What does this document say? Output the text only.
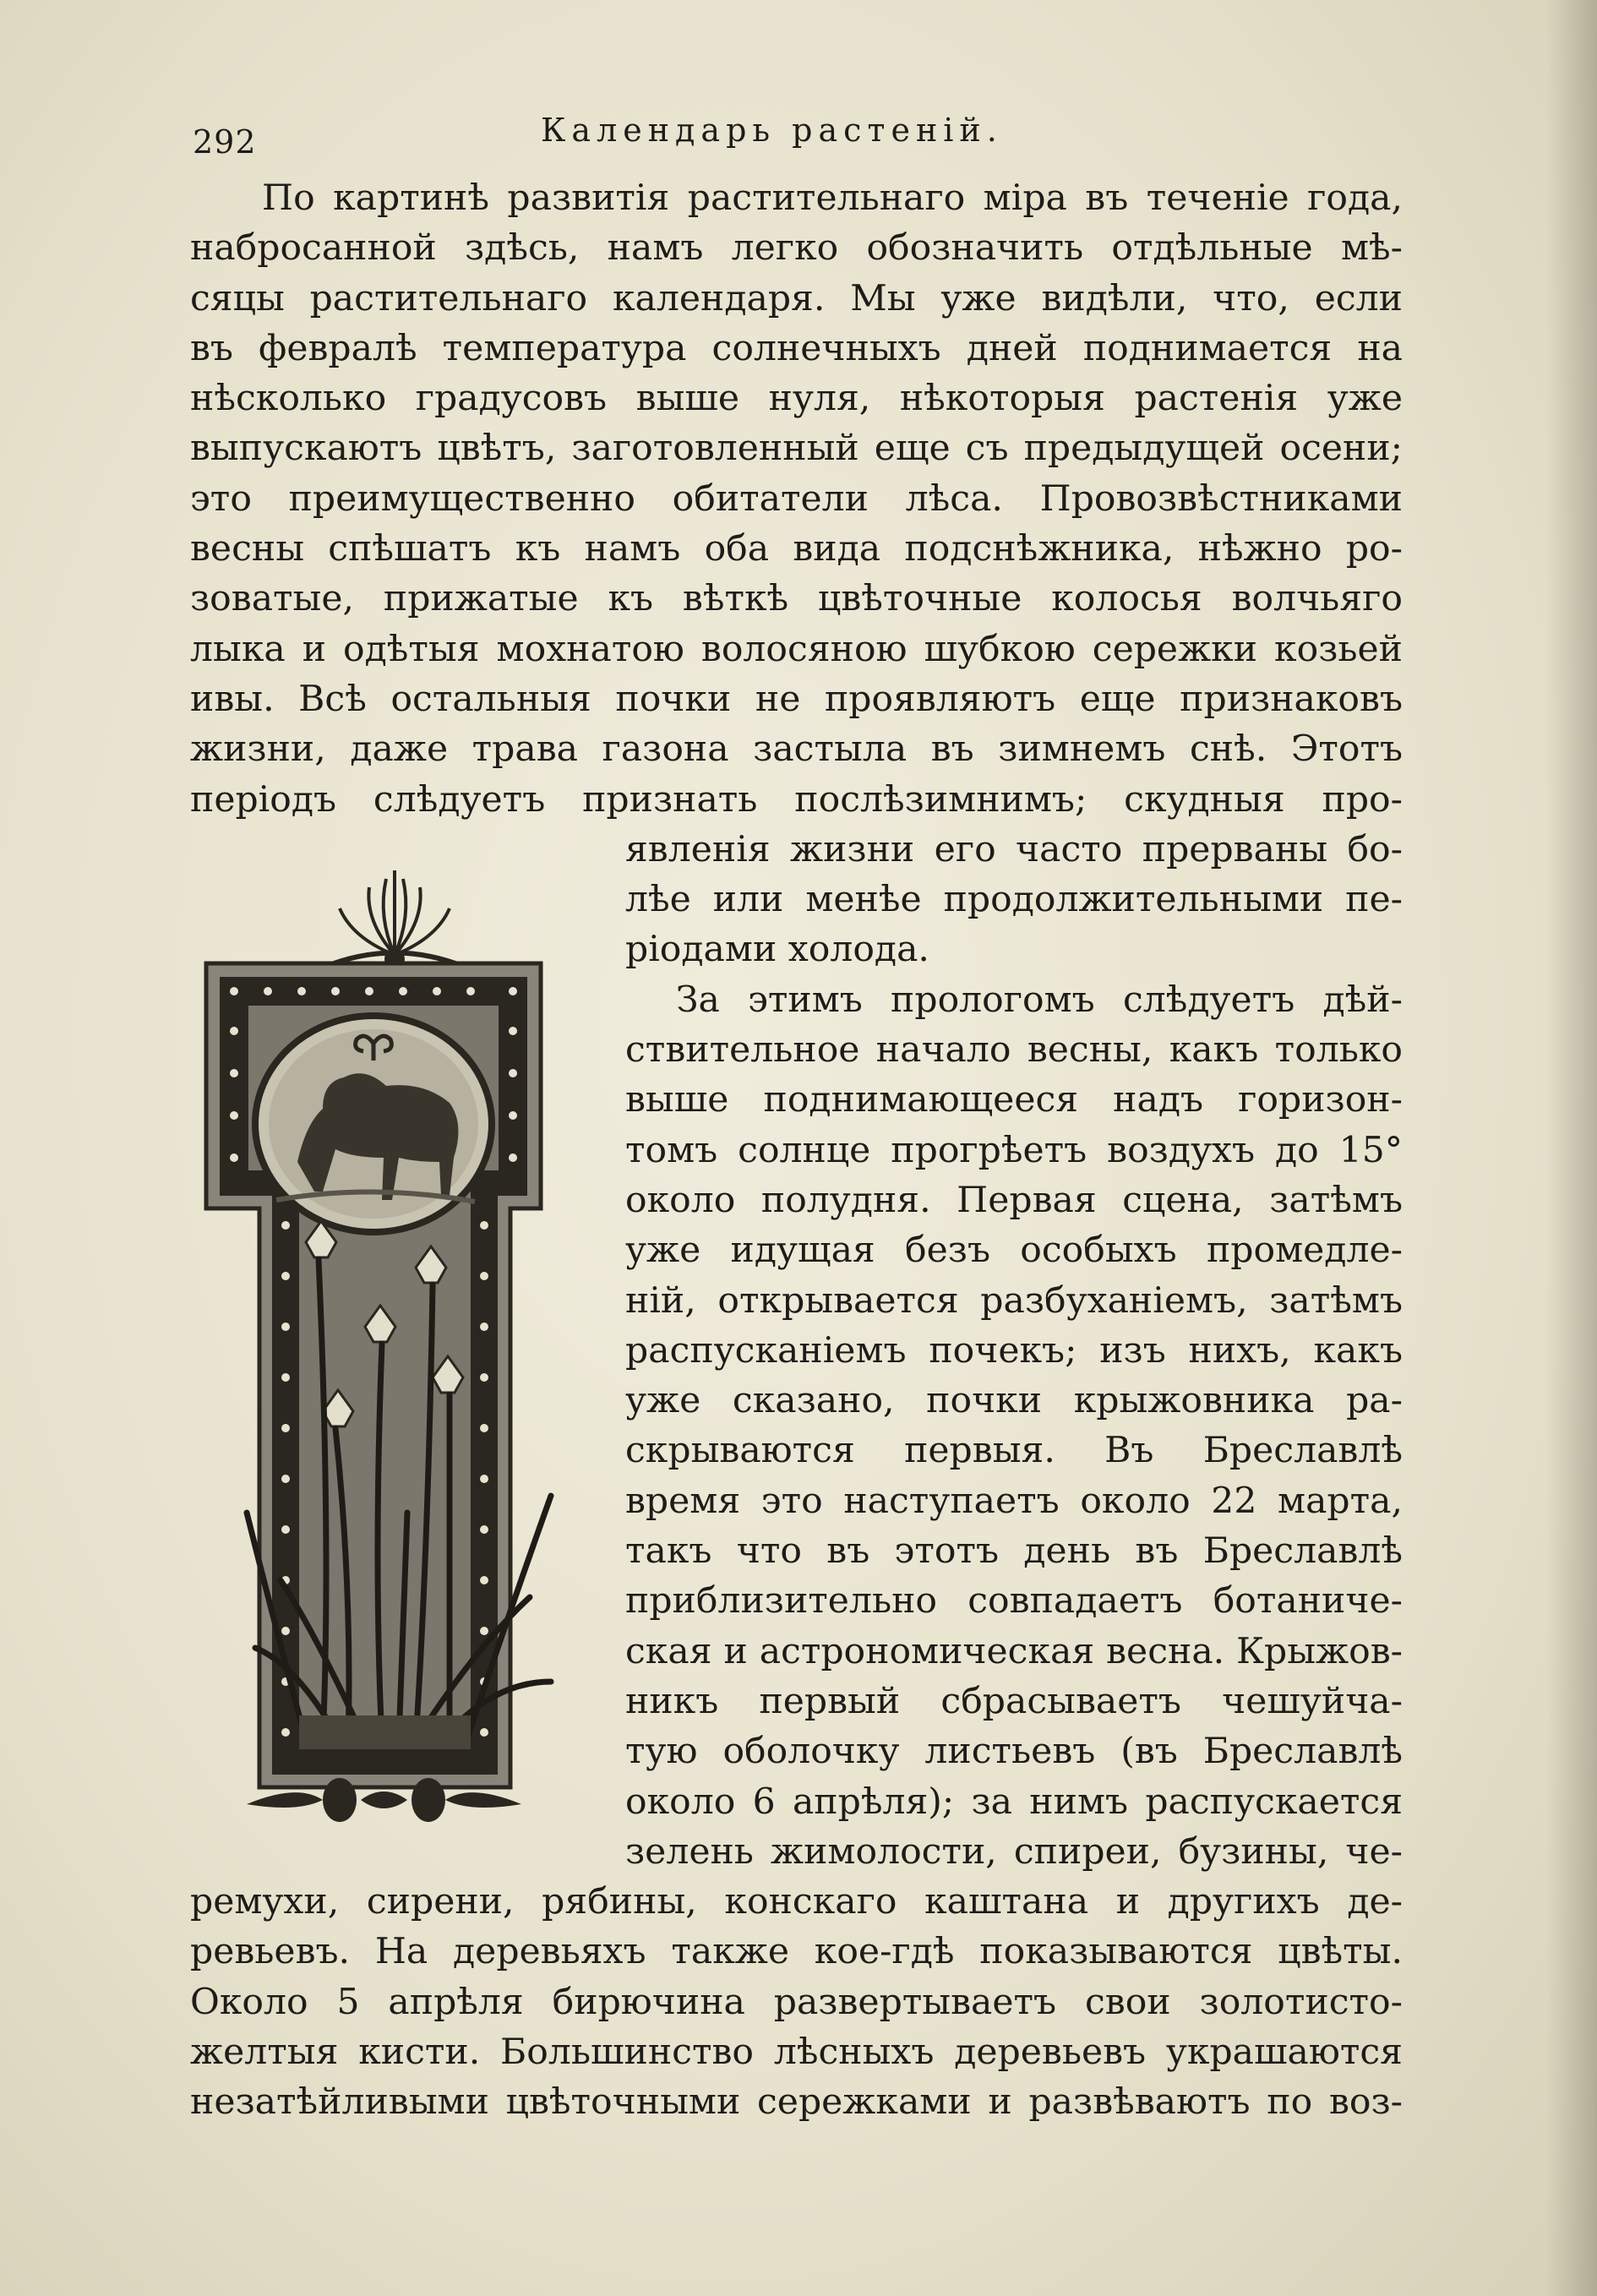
292	Календарь растеній.
По картинѣ развитія растительнаго міра въ теченіе года,
набросанной здѣсь, намъ легко обозначить отдѣльные мѣ-
сяцы растительнаго календаря. Мы уже видѣли, что, если
въ февралѣ температура солнечныхъ дней поднимается на
нѣсколько градусовъ выше нуля, нѣкоторыя растенія уже
выпускаютъ цвѣтъ, заготовленный еще съ предыдущей осени;
это преимущественно обитатели лѣса. Провозвѣстниками
весны спѣшатъ къ намъ оба вида подснѣжника, нѣжно ро-
зоватые, прижатые къ вѣткѣ цвѣточные колосья волчьяго
лыка и одѣтыя мохнатою волосяною шубкою сережки козьей
ивы. Всѣ остальныя почки не проявляютъ еще признаковъ
жизни, даже трава газона застыла въ зимнемъ снѣ. Этотъ
періодъ слѣдуетъ признать послѣзимнимъ; скудныя про-
явленія жизни его часто прерваны бо-
лѣе или менѣе продолжительными пе-
ріодами холода.
За этимъ прологомъ слѣдуетъ дѣй-
ствительное начало весны, какъ только
выше поднимающееся надъ горизон-
томъ солнце прогрѣетъ воздухъ до 15°
около полудня. Первая сцена, затѣмъ
уже идущая безъ особыхъ промедле-
ній, открывается разбуханіемъ, затѣмъ
распусканіемъ почекъ; изъ нихъ, какъ
уже сказано, почки крыжовника ра-
скрываются первыя. Въ Бреславлѣ
время это наступаетъ около 22 марта,
такъ что въ этотъ день въ Бреславлѣ
приблизительно совпадаетъ ботаниче-
ская и астрономическая весна. Крыжов-
никъ первый сбрасываетъ чешуйча-
тую оболочку листьевъ (въ Бреславлѣ
около 6 апрѣля); за нимъ распускается
зелень жимолости, спиреи, бузины, че-
ремухи, сирени, рябины, конскаго каштана и другихъ де-
ревьевъ. На деревьяхъ также кое-гдѣ показываются цвѣты.
Около 5 апрѣля бирючина развертываетъ свои золотисто-
желтыя кисти. Большинство лѣсныхъ деревьевъ украшаются
незатѣйливыми цвѣточными сережками и развѣваютъ по воз-
